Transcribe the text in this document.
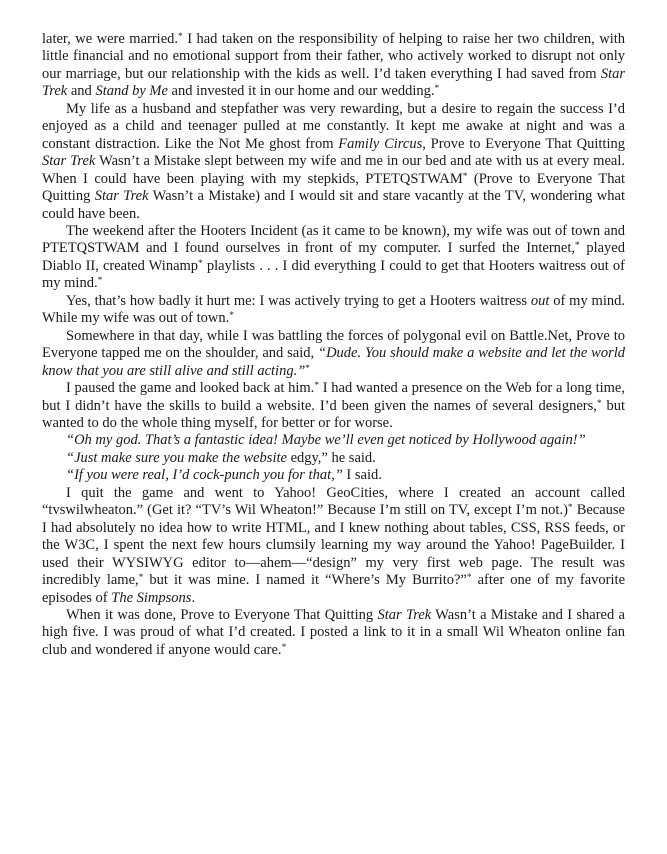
later, we were married.* I had taken on the responsibility of helping to raise her two children, with little financial and no emotional support from their father, who actively worked to disrupt not only our marriage, but our relationship with the kids as well. I’d taken everything I had saved from Star Trek and Stand by Me and invested it in our home and our wedding.*

My life as a husband and stepfather was very rewarding, but a desire to regain the success I’d enjoyed as a child and teenager pulled at me constantly. It kept me awake at night and was a constant distraction. Like the Not Me ghost from Family Circus, Prove to Everyone That Quitting Star Trek Wasn’t a Mistake slept between my wife and me in our bed and ate with us at every meal. When I could have been playing with my stepkids, PTETQSTWAM* (Prove to Everyone That Quitting Star Trek Wasn’t a Mistake) and I would sit and stare vacantly at the TV, wondering what could have been.

The weekend after the Hooters Incident (as it came to be known), my wife was out of town and PTETQSTWAM and I found ourselves in front of my computer. I surfed the Internet,* played Diablo II, created Winamp* playlists . . . I did everything I could to get that Hooters waitress out of my mind.*

Yes, that’s how badly it hurt me: I was actively trying to get a Hooters waitress out of my mind. While my wife was out of town.*

Somewhere in that day, while I was battling the forces of polygonal evil on Battle.Net, Prove to Everyone tapped me on the shoulder, and said, “Dude. You should make a website and let the world know that you are still alive and still acting.”*

I paused the game and looked back at him.* I had wanted a presence on the Web for a long time, but I didn’t have the skills to build a website. I’d been given the names of several designers,* but wanted to do the whole thing myself, for better or for worse.

“Oh my god. That’s a fantastic idea! Maybe we’ll even get noticed by Hollywood again!”

“Just make sure you make the website edgy,” he said.

“If you were real, I’d cock-punch you for that,” I said.

I quit the game and went to Yahoo! GeoCities, where I created an account called “tvswilwheaton.” (Get it? “TV’s Wil Wheaton!” Because I’m still on TV, except I’m not.)* Because I had absolutely no idea how to write HTML, and I knew nothing about tables, CSS, RSS feeds, or the W3C, I spent the next few hours clumsily learning my way around the Yahoo! PageBuilder. I used their WYSIWYG editor to—ahem—“design” my very first web page. The result was incredibly lame,* but it was mine. I named it “Where’s My Burrito?”* after one of my favorite episodes of The Simpsons.

When it was done, Prove to Everyone That Quitting Star Trek Wasn’t a Mistake and I shared a high five. I was proud of what I’d created. I posted a link to it in a small Wil Wheaton online fan club and wondered if anyone would care.*
